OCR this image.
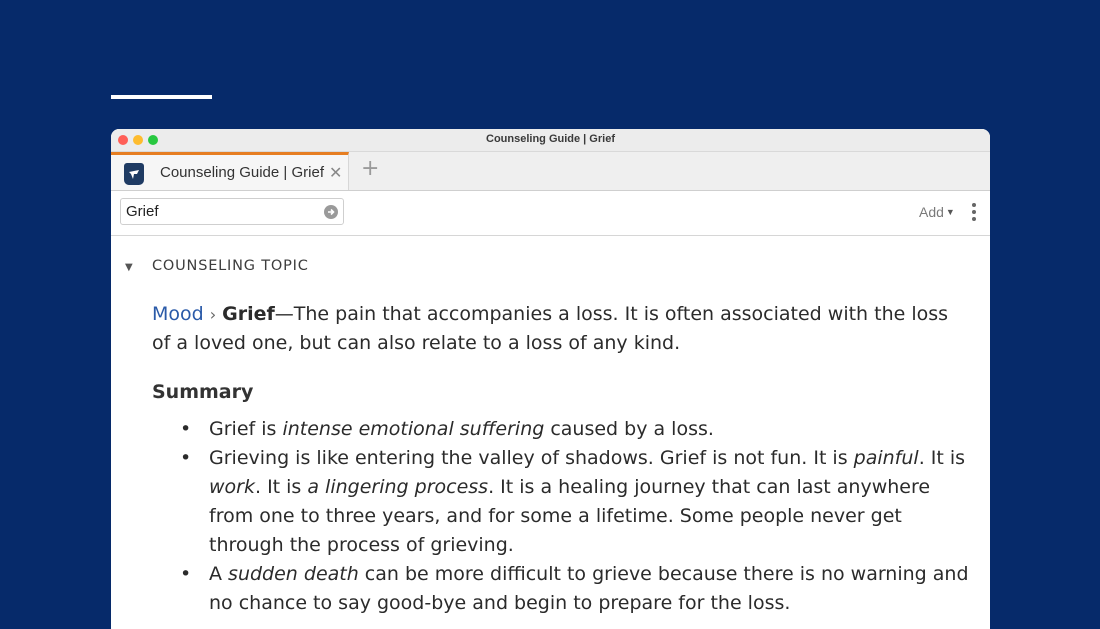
Counseling Guide | Grief
Counseling Guide | Grief ✕ +
Grief	Add ▼
▼ COUNSELING TOPIC
Mood › Grief—The pain that accompanies a loss. It is often associated with the loss of a loved one, but can also relate to a loss of any kind.
Summary
• Grief is intense emotional suffering caused by a loss.
• Grieving is like entering the valley of shadows. Grief is not fun. It is painful. It is work. It is a lingering process. It is a healing journey that can last anywhere from one to three years, and for some a lifetime. Some people never get through the process of grieving.
• A sudden death can be more difficult to grieve because there is no warning and no chance to say good-bye and begin to prepare for the loss.
